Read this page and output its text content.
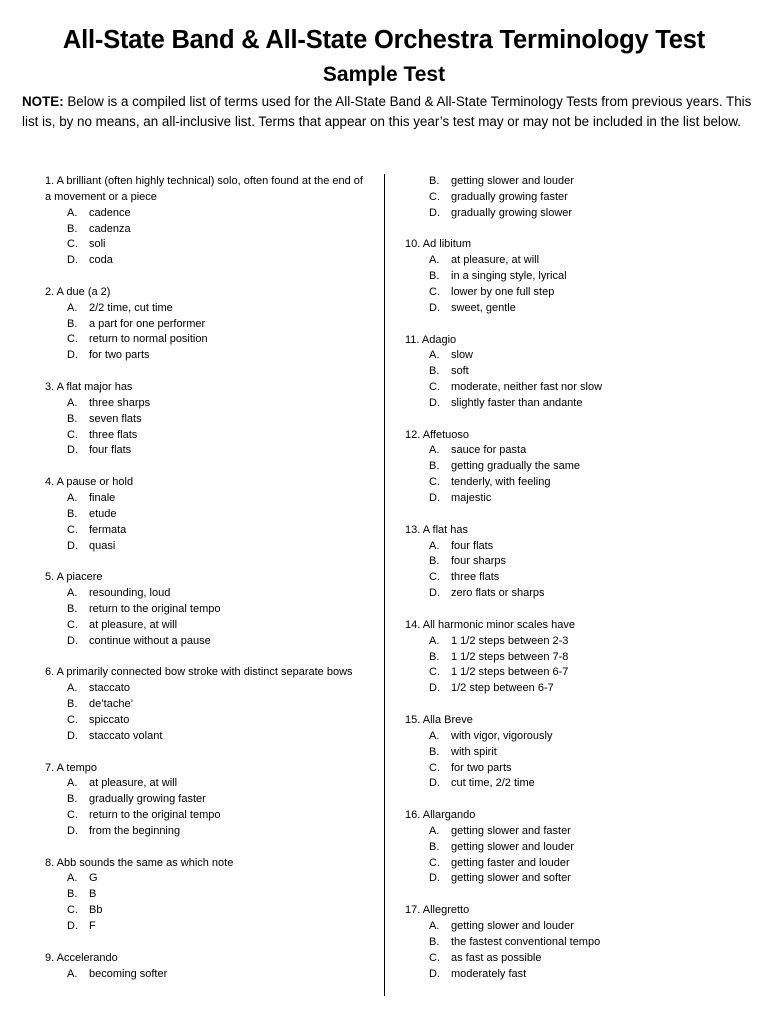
All-State Band & All-State Orchestra Terminology Test
Sample Test
NOTE: Below is a compiled list of terms used for the All-State Band & All-State Terminology Tests from previous years. This list is, by no means, an all-inclusive list. Terms that appear on this year’s test may or may not be included in the list below.
1. A brilliant (often highly technical) solo, often found at the end of a movement or a piece
A.	cadence
B.	cadenza
C.	soli
D.	coda
2. A due (a 2)
A.	2/2 time, cut time
B.	a part for one performer
C.	return to normal position
D.	for two parts
3. A flat major has
A.	three sharps
B.	seven flats
C.	three flats
D.	four flats
4. A pause or hold
A.	finale
B.	etude
C.	fermata
D.	quasi
5. A piacere
A.	resounding, loud
B.	return to the original tempo
C.	at pleasure, at will
D.	continue without a pause
6. A primarily connected bow stroke with distinct separate bows
A.	staccato
B.	de’tache’
C.	spiccato
D.	staccato volant
7. A tempo
A.	at pleasure, at will
B.	gradually growing faster
C.	return to the original tempo
D.	from the beginning
8. Abb sounds the same as which note
A.	G
B.	B
C.	Bb
D.	F
9. Accelerando
A.	becoming softer
B.	getting slower and louder
C.	gradually growing faster
D.	gradually growing slower
10. Ad libitum
A.	at pleasure, at will
B.	in a singing style, lyrical
C.	lower by one full step
D.	sweet, gentle
11. Adagio
A.	slow
B.	soft
C.	moderate, neither fast nor slow
D.	slightly faster than andante
12. Affetuoso
A.	sauce for pasta
B.	getting gradually the same
C.	tenderly, with feeling
D.	majestic
13. A flat has
A.	four flats
B.	four sharps
C.	three flats
D.	zero flats or sharps
14. All harmonic minor scales have
A.	1 1/2 steps between 2-3
B.	1 1/2 steps between 7-8
C.	1 1/2 steps between 6-7
D.	1/2 step between 6-7
15. Alla Breve
A.	with vigor, vigorously
B.	with spirit
C.	for two parts
D.	cut time, 2/2 time
16. Allargando
A.	getting slower and faster
B.	getting slower and louder
C.	getting faster and louder
D.	getting slower and softer
17. Allegretto
A.	getting slower and louder
B.	the fastest conventional tempo
C.	as fast as possible
D.	moderately fast
